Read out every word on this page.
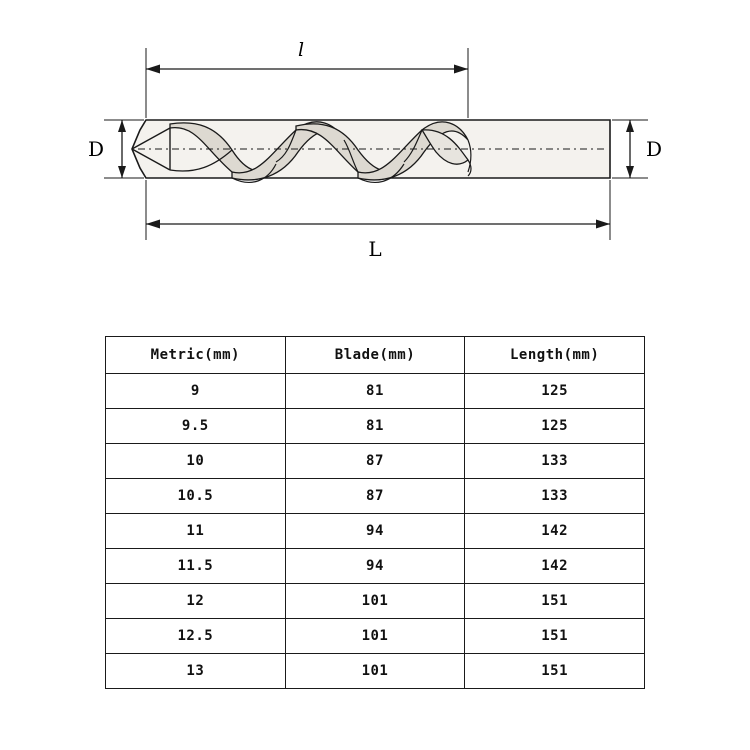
l
D	D
L
Metric(mm)	Blade(mm)	Length(mm)
9	81	125
9.5	81	125
10	87	133
10.5	87	133
11	94	142
11.5	94	142
12	101	151
12.5	101	151
13	101	151
